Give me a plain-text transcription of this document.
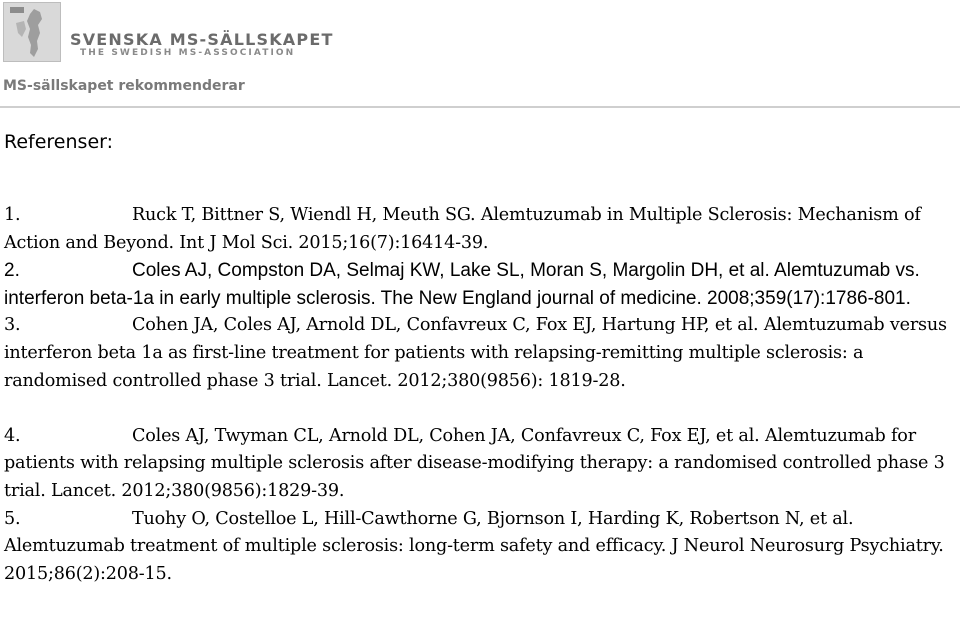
SVENSKA MS-SÄLLSKAPET
THE SWEDISH MS-ASSOCIATION
MS-sällskapet rekommenderar
Referenser:
1.	Ruck T, Bittner S, Wiendl H, Meuth SG. Alemtuzumab in Multiple Sclerosis: Mechanism of Action and Beyond. Int J Mol Sci. 2015;16(7):16414-39.
2.	Coles AJ, Compston DA, Selmaj KW, Lake SL, Moran S, Margolin DH, et al. Alemtuzumab vs. interferon beta-1a in early multiple sclerosis. The New England journal of medicine. 2008;359(17):1786-801.
3.	Cohen JA, Coles AJ, Arnold DL, Confavreux C, Fox EJ, Hartung HP, et al. Alemtuzumab versus interferon beta 1a as first-line treatment for patients with relapsing-remitting multiple sclerosis: a randomised controlled phase 3 trial. Lancet. 2012;380(9856): 1819-28.
4.	Coles AJ, Twyman CL, Arnold DL, Cohen JA, Confavreux C, Fox EJ, et al. Alemtuzumab for patients with relapsing multiple sclerosis after disease-modifying therapy: a randomised controlled phase 3 trial. Lancet. 2012;380(9856):1829-39.
5.	Tuohy O, Costelloe L, Hill-Cawthorne G, Bjornson I, Harding K, Robertson N, et al. Alemtuzumab treatment of multiple sclerosis: long-term safety and efficacy. J Neurol Neurosurg Psychiatry. 2015;86(2):208-15.
